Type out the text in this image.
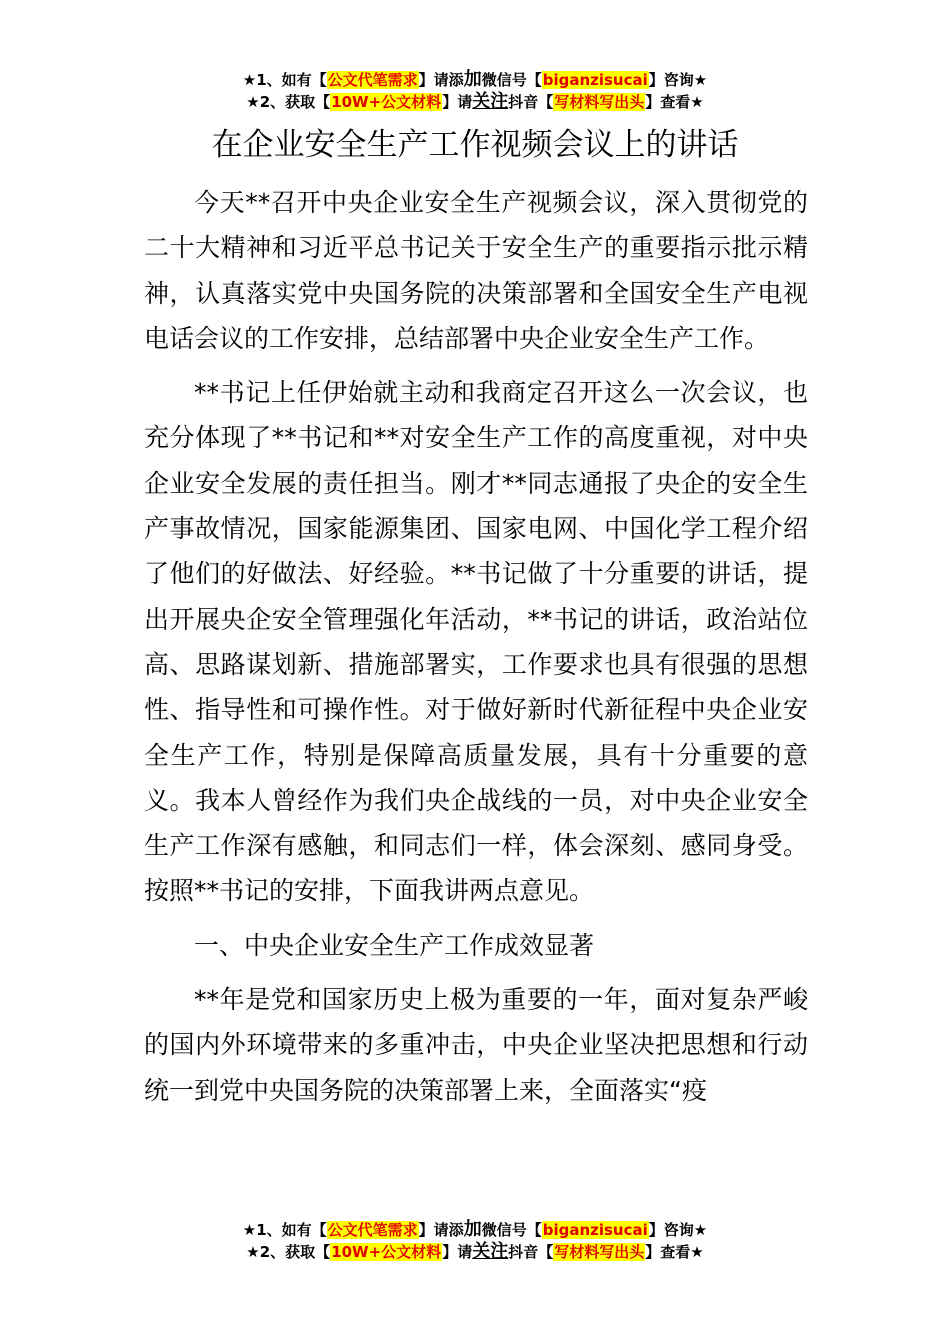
★1、如有【公文代笔需求】请添加微信号【biganzisucai】咨询★
★2、获取【10W+公文材料】请关注抖音【写材料写出头】查看★
在企业安全生产工作视频会议上的讲话

今天**召开中央企业安全生产视频会议，深入贯彻党的二十大精神和习近平总书记关于安全生产的重要指示批示精神，认真落实党中央国务院的决策部署和全国安全生产电视电话会议的工作安排，总结部署中央企业安全生产工作。

**书记上任伊始就主动和我商定召开这么一次会议，也充分体现了**书记和**对安全生产工作的高度重视，对中央企业安全发展的责任担当。刚才**同志通报了央企的安全生产事故情况，国家能源集团、国家电网、中国化学工程介绍了他们的好做法、好经验。**书记做了十分重要的讲话，提出开展央企安全管理强化年活动，**书记的讲话，政治站位高、思路谋划新、措施部署实，工作要求也具有很强的思想性、指导性和可操作性。对于做好新时代新征程中央企业安全生产工作，特别是保障高质量发展，具有十分重要的意义。我本人曾经作为我们央企战线的一员，对中央企业安全生产工作深有感触，和同志们一样，体会深刻、感同身受。按照**书记的安排，下面我讲两点意见。

一、中央企业安全生产工作成效显著

**年是党和国家历史上极为重要的一年，面对复杂严峻的国内外环境带来的多重冲击，中央企业坚决把思想和行动统一到党中央国务院的决策部署上来，全面落实“疫

★1、如有【公文代笔需求】请添加微信号【biganzisucai】咨询★
★2、获取【10W+公文材料】请关注抖音【写材料写出头】查看★
